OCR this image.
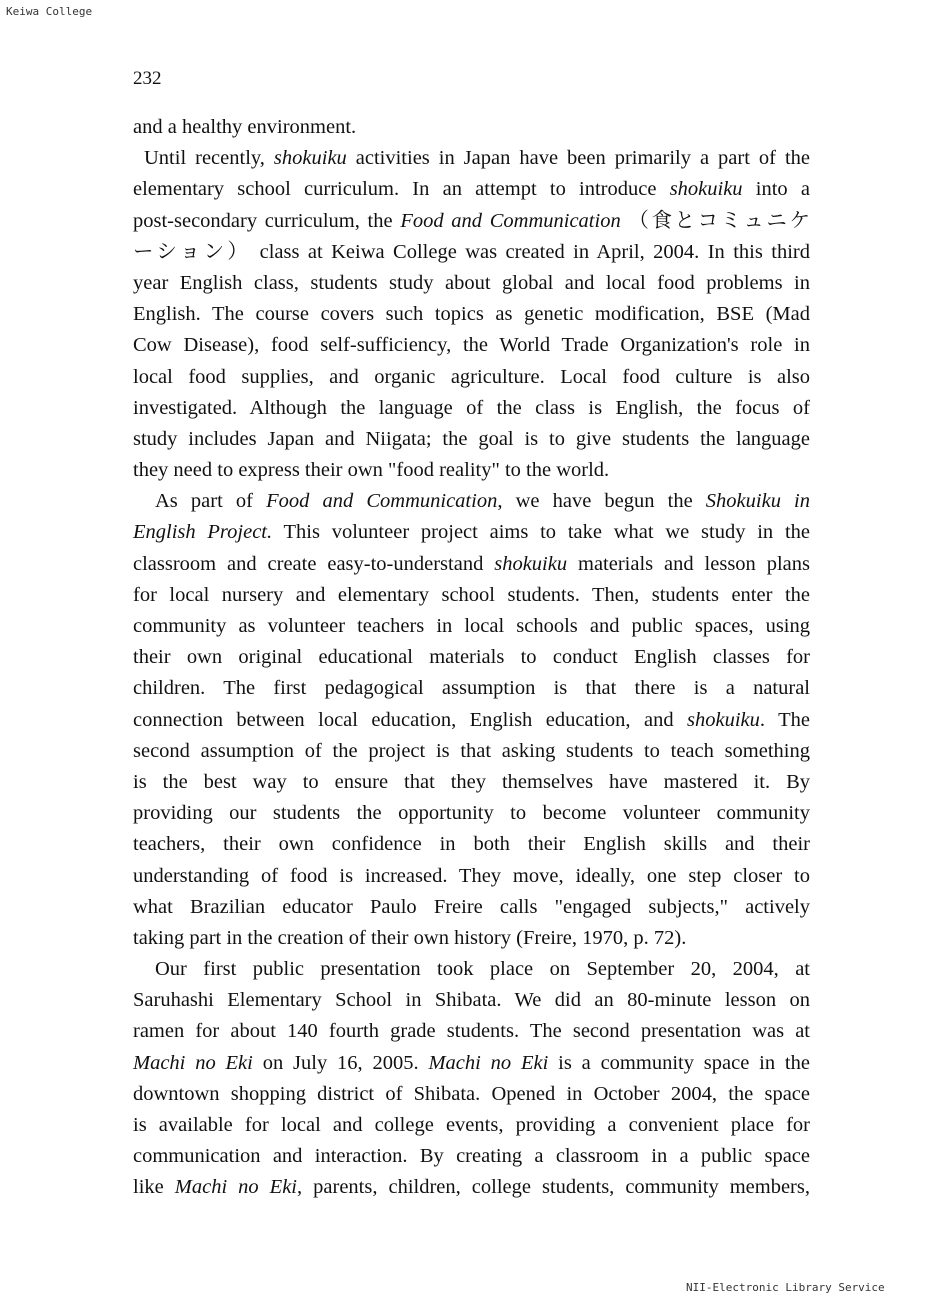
Keiwa College
232
and a healthy environment.
Until recently, shokuiku activities in Japan have been primarily a part of the
elementary school curriculum. In an attempt to introduce shokuiku into a
post-secondary curriculum, the Food and Communication （食とコミュニケ
ーション） class at Keiwa College was created in April, 2004. In this third
year English class, students study about global and local food problems in
English. The course covers such topics as genetic modification, BSE (Mad
Cow Disease), food self-sufficiency, the World Trade Organization's role in
local food supplies, and organic agriculture. Local food culture is also
investigated. Although the language of the class is English, the focus of
study includes Japan and Niigata; the goal is to give students the language
they need to express their own "food reality" to the world.
As part of Food and Communication, we have begun the Shokuiku in
English Project. This volunteer project aims to take what we study in the
classroom and create easy-to-understand shokuiku materials and lesson plans
for local nursery and elementary school students. Then, students enter the
community as volunteer teachers in local schools and public spaces, using
their own original educational materials to conduct English classes for
children. The first pedagogical assumption is that there is a natural
connection between local education, English education, and shokuiku. The
second assumption of the project is that asking students to teach something
is the best way to ensure that they themselves have mastered it. By
providing our students the opportunity to become volunteer community
teachers, their own confidence in both their English skills and their
understanding of food is increased. They move, ideally, one step closer to
what Brazilian educator Paulo Freire calls "engaged subjects," actively
taking part in the creation of their own history (Freire, 1970, p. 72).
Our first public presentation took place on September 20, 2004, at
Saruhashi Elementary School in Shibata. We did an 80-minute lesson on
ramen for about 140 fourth grade students. The second presentation was at
Machi no Eki on July 16, 2005. Machi no Eki is a community space in the
downtown shopping district of Shibata. Opened in October 2004, the space
is available for local and college events, providing a convenient place for
communication and interaction. By creating a classroom in a public space
like Machi no Eki, parents, children, college students, community members,
NII-Electronic Library Service
